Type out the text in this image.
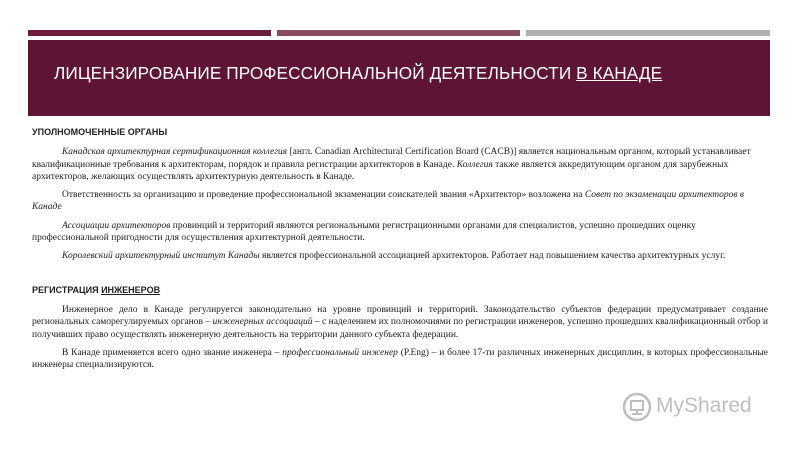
ЛИЦЕНЗИРОВАНИЕ ПРОФЕССИОНАЛЬНОЙ ДЕЯТЕЛЬНОСТИ В КАНАДЕ
УПОЛНОМОЧЕННЫЕ ОРГАНЫ

Канадская архитектурная сертификационная коллегия [англ. Canadian Architectural Certification Board (CACB)] является национальным органом, который устанавливает квалификационные требования к архитекторам, порядок и правила регистрации архитекторов в Канаде. Коллегия также является аккредитующим органом для зарубежных архитекторов, желающих осуществлять архитектурную деятельность в Канаде.

Ответственность за организацию и проведение профессиональной экзаменации соискателей звания «Архитектор» возложена на Совет по экзаменации архитекторов в Канаде

Ассоциации архитекторов провинций и территорий являются региональными регистрационными органами для специалистов, успешно прошедших оценку профессиональной пригодности для осуществления архитектурной деятельности.

Королевский архитектурный институт Канады является профессиональной ассоциацией архитекторов. Работает над повышением качества архитектурных услуг.

РЕГИСТРАЦИЯ ИНЖЕНЕРОВ

Инженерное дело в Канаде регулируется законодательно на уровне провинций и территорий. Законодательство субъектов федерации предусматривает создание региональных саморегулируемых органов – инженерных ассоциаций – с наделением их полномочиями по регистрации инженеров, успешно прошедших квалификационный отбор и получивших право осуществлять инженерную деятельность на территории данного субъекта федерации.

В Канаде применяется всего одно звание инженера – профессиональный инженер (P.Eng) – и более 17-ти различных инженерных дисциплин, в которых профессиональные инженеры специализируются.

MyShared
